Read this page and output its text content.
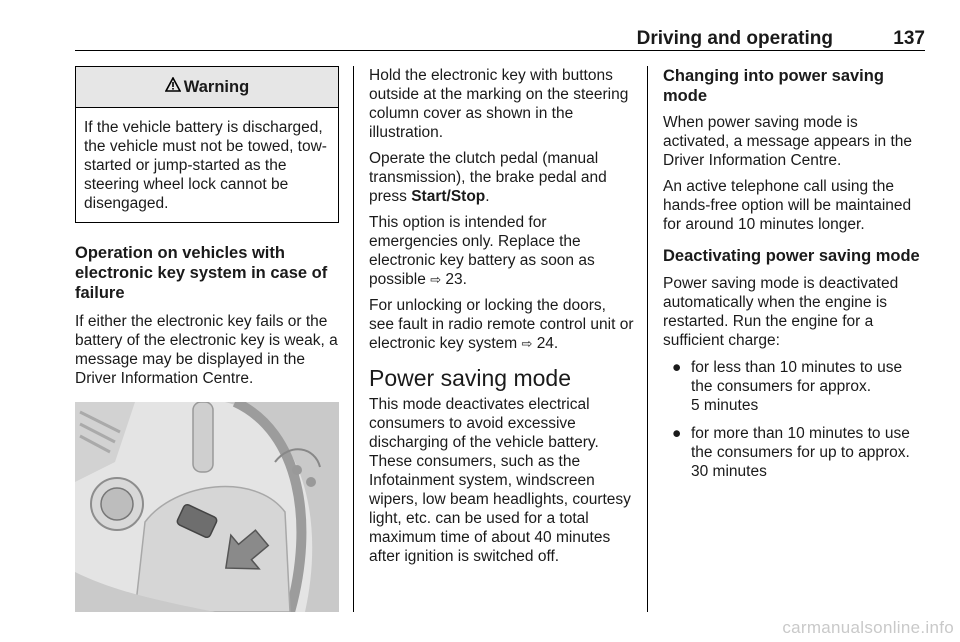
Driving and operating	137
Warning
If the vehicle battery is discharged, the vehicle must not be towed, tow-started or jump-started as the steering wheel lock cannot be disengaged.
Operation on vehicles with electronic key system in case of failure

If either the electronic key fails or the battery of the electronic key is weak, a message may be displayed in the Driver Information Centre.

Hold the electronic key with buttons outside at the marking on the steering column cover as shown in the illustration.

Operate the clutch pedal (manual transmission), the brake pedal and press Start/Stop.

This option is intended for emergencies only. Replace the electronic key battery as soon as possible ⇨ 23.

For unlocking or locking the doors, see fault in radio remote control unit or electronic key system ⇨ 24.

Power saving mode

This mode deactivates electrical consumers to avoid excessive discharging of the vehicle battery. These consumers, such as the Infotainment system, windscreen wipers, low beam headlights, courtesy light, etc. can be used for a total maximum time of about 40 minutes after ignition is switched off.

Changing into power saving mode

When power saving mode is activated, a message appears in the Driver Information Centre.

An active telephone call using the hands-free option will be maintained for around 10 minutes longer.

Deactivating power saving mode

Power saving mode is deactivated automatically when the engine is restarted. Run the engine for a sufficient charge:

● for less than 10 minutes to use the consumers for approx.
5 minutes
● for more than 10 minutes to use the consumers for up to approx.
30 minutes
carmanualsonline.info
